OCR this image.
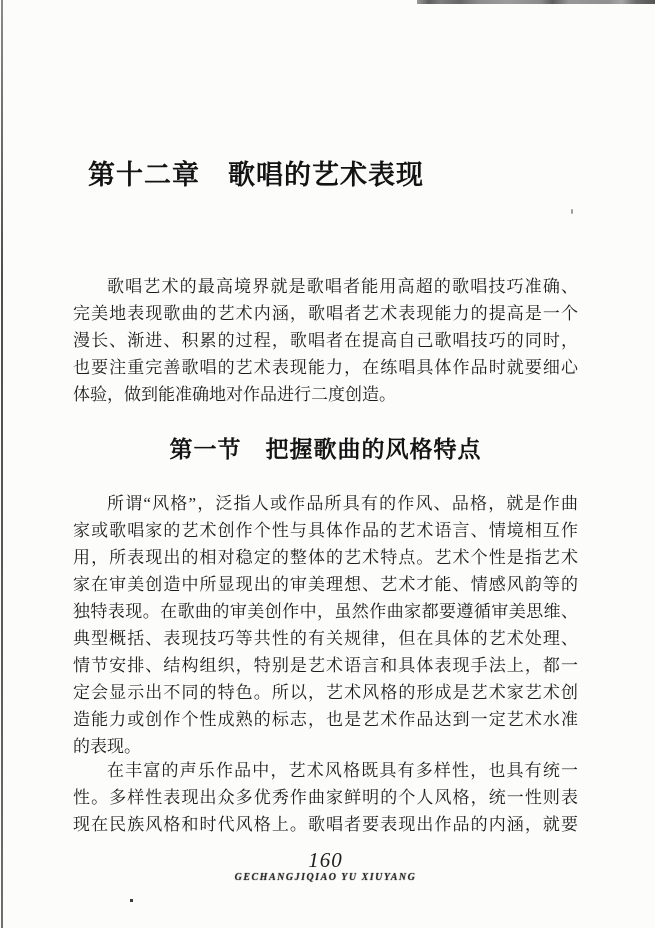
第十二章　歌唱的艺术表现
歌唱艺术的最高境界就是歌唱者能用高超的歌唱技巧准确、
完美地表现歌曲的艺术内涵，歌唱者艺术表现能力的提高是一个
漫长、渐进、积累的过程，歌唱者在提高自己歌唱技巧的同时，
也要注重完善歌唱的艺术表现能力，在练唱具体作品时就要细心
体验，做到能准确地对作品进行二度创造。
第一节　把握歌曲的风格特点
所谓“风格”，泛指人或作品所具有的作风、品格，就是作曲
家或歌唱家的艺术创作个性与具体作品的艺术语言、情境相互作
用，所表现出的相对稳定的整体的艺术特点。艺术个性是指艺术
家在审美创造中所显现出的审美理想、艺术才能、情感风韵等的
独特表现。在歌曲的审美创作中，虽然作曲家都要遵循审美思维、
典型概括、表现技巧等共性的有关规律，但在具体的艺术处理、
情节安排、结构组织，特别是艺术语言和具体表现手法上，都一
定会显示出不同的特色。所以，艺术风格的形成是艺术家艺术创
造能力或创作个性成熟的标志，也是艺术作品达到一定艺术水准
的表现。
在丰富的声乐作品中，艺术风格既具有多样性，也具有统一
性。多样性表现出众多优秀作曲家鲜明的个人风格，统一性则表
现在民族风格和时代风格上。歌唱者要表现出作品的内涵，就要
160
GECHANGJIQIAO YU XIUYANG
